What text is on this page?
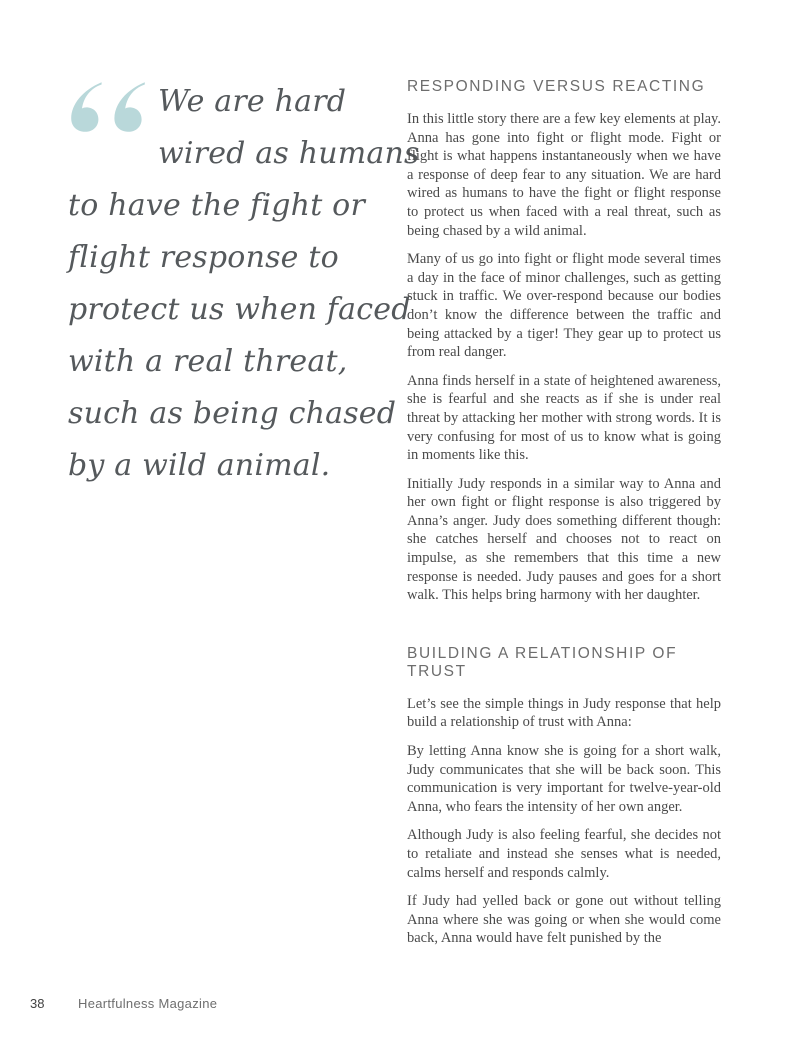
We are hard
wired as humans
to have the fight or
flight response to
protect us when faced
with a real threat,
such as being chased
by a wild animal.
RESPONDING VERSUS REACTING

In this little story there are a few key elements at play. Anna has gone into fight or flight mode. Fight or flight is what happens instantaneously when we have a response of deep fear to any situation. We are hard wired as humans to have the fight or flight response to protect us when faced with a real threat, such as being chased by a wild animal.

Many of us go into fight or flight mode several times a day in the face of minor challenges, such as getting stuck in traffic. We over-respond because our bodies don’t know the difference between the traffic and being attacked by a tiger! They gear up to protect us from real danger.

Anna finds herself in a state of heightened awareness, she is fearful and she reacts as if she is under real threat by attacking her mother with strong words. It is very confusing for most of us to know what is going in moments like this.

Initially Judy responds in a similar way to Anna and her own fight or flight response is also triggered by Anna’s anger. Judy does something different though: she catches herself and chooses not to react on impulse, as she remembers that this time a new response is needed. Judy pauses and goes for a short walk. This helps bring harmony with her daughter.

BUILDING A RELATIONSHIP OF TRUST

Let’s see the simple things in Judy response that help build a relationship of trust with Anna:

By letting Anna know she is going for a short walk, Judy communicates that she will be back soon. This communication is very important for twelve-year-old Anna, who fears the intensity of her own anger.

Although Judy is also feeling fearful, she decides not to retaliate and instead she senses what is needed, calms herself and responds calmly.

If Judy had yelled back or gone out without telling Anna where she was going or when she would come back, Anna would have felt punished by the

38	Heartfulness Magazine
